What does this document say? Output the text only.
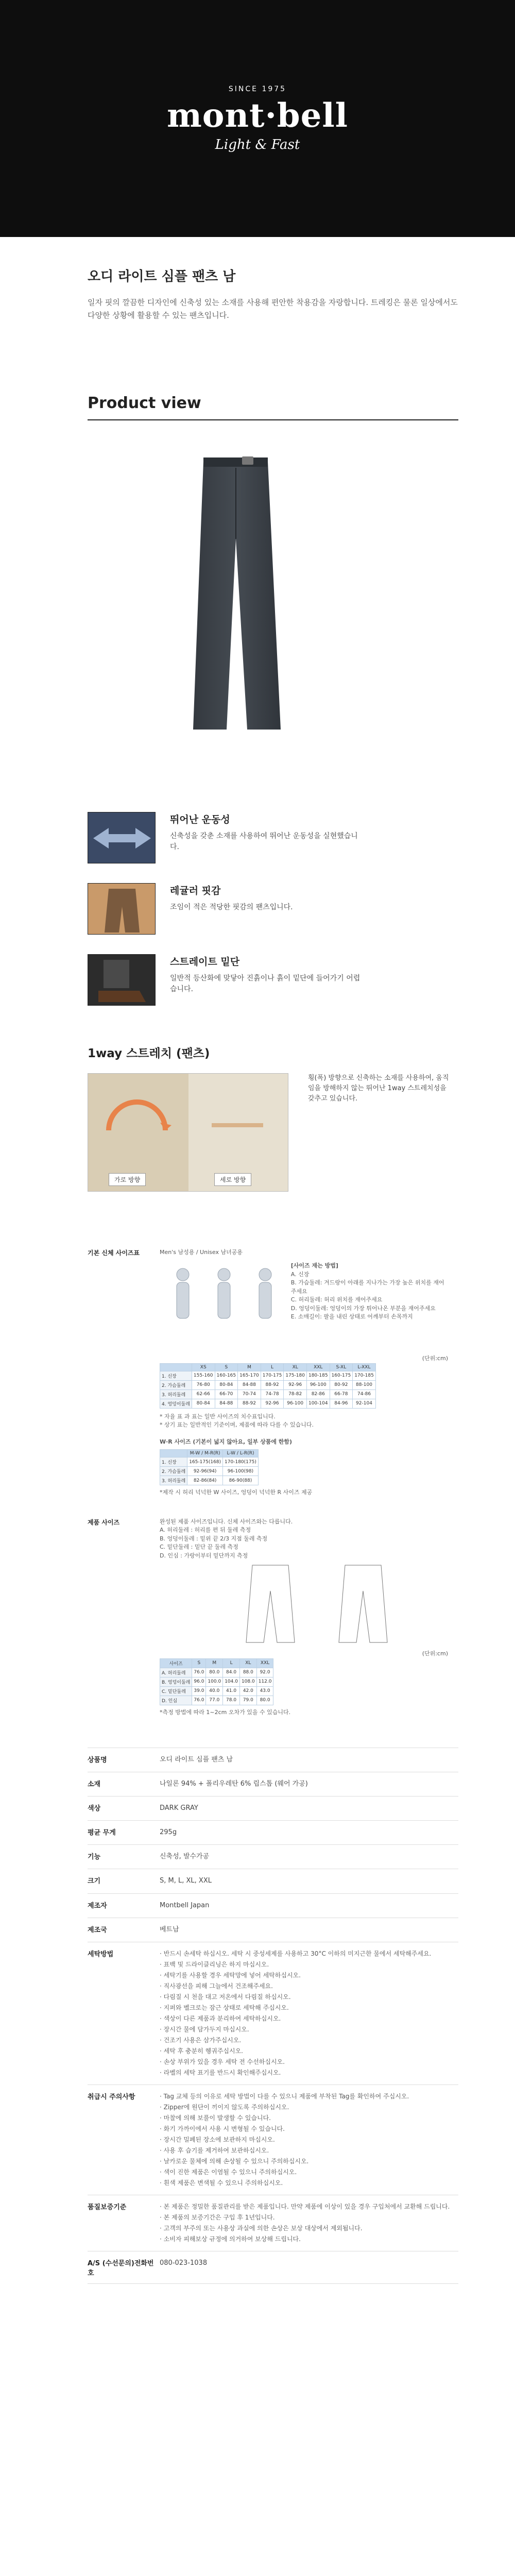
SINCE 1975
mont·bell
Light & Fast
오디 라이트 심플 팬츠 남
일자 핏의 깔끔한 디자인에 신축성 있는 소재를 사용해 편안한 착용감을 자랑합니다. 트레킹은 물론 일상에서도 다양한 상황에 활용할 수 있는 팬츠입니다.
Product view
뛰어난 운동성
신축성을 갖춘 소재를 사용하여 뛰어난 운동성을 실현했습니다.
레귤러 핏감
조임이 적은 적당한 핏감의 팬츠입니다.
스트레이트 밑단
일반적 등산화에 맞닿아 진흙이나 흙이 밑단에 들어가기 어렵습니다.
1way 스트레치 (팬츠)
가로 방향	세로 방향
횡(폭) 방향으로 신축하는 소재를 사용하여, 움직임을 방해하지 않는 뛰어난 1way 스트레치성을 갖추고 있습니다.
기본 신체 사이즈표	Men's 남성용 / Unisex 남녀공용
[사이즈 재는 방법]
A. 신장
B. 가슴둘레: 겨드랑이 아래를 지나가는 가장 높은 위치를 재어주세요
C. 허리둘레: 허리 위치를 재어주세요
D. 엉덩이둘레: 엉덩이의 가장 튀어나온 부분을 재어주세요
E. 소매길이: 팔을 내린 상태로 어깨부터 손목까지
(단위:cm)
	XS	S	M	L	XL	XXL	S-XL	L-XXL
1. 신장	155-160	160-165	165-170	170-175	175-180	180-185	160-175	170-185
2. 가슴둘레	76-80	80-84	84-88	88-92	92-96	96-100	80-92	88-100
3. 허리둘레	62-66	66-70	70-74	74-78	78-82	82-86	66-78	74-86
4. 엉덩이둘레	80-84	84-88	88-92	92-96	96-100	100-104	84-96	92-104
* 자율 표 과 표는 일반 사이즈의 치수표입니다.
* 상기 표는 일반적인 기준이며, 제품에 따라 다를 수 있습니다.
W·R 사이즈 (기본이 넓지 않아요, 일부 상품에 한함)
	M-W / M-R(R)	L-W / L-R(R)
1. 신장	165-175(168)	170-180(175)
2. 가슴둘레	92-96(94)	96-100(98)
3. 허리둘레	82-86(84)	86-90(88)
*제작 시 허리 넉넉한 W 사이즈, 엉덩이 넉넉한 R 사이즈 제공
제품 사이즈	완성된 제품 사이즈입니다. 신체 사이즈와는 다릅니다.
A. 허리둘레 : 허리를 편 뒤 둘레 측정
B. 엉덩이둘레 : 밑위 끝 2/3 지점 둘레 측정
C. 밑단둘레 : 밑단 끝 둘레 측정
D. 인심 : 가랑이부터 밑단까지 측정
(단위:cm)
사이즈	S	M	L	XL	XXL
A. 허리둘레	76.0	80.0	84.0	88.0	92.0
B. 엉덩이둘레	96.0	100.0	104.0	108.0	112.0
C. 밑단둘레	39.0	40.0	41.0	42.0	43.0
D. 인심	76.0	77.0	78.0	79.0	80.0
*측정 방법에 따라 1~2cm 오차가 있을 수 있습니다.
상품명	오디 라이트 심플 팬츠 남
소재	나일론 94% + 폴리우레탄 6% 립스톱 (웨어 가공)
색상	DARK GRAY
평균 무게	295g
기능	신축성, 발수가공
크기	S, M, L, XL, XXL
제조자	Montbell Japan
제조국	베트남
세탁방법	· 반드시 손세탁 하십시오. 세탁 시 중성세제를 사용하고 30°C 이하의 미지근한 물에서 세탁해주세요.
· 표백 및 드라이클리닝은 하지 마십시오.
· 세탁기를 사용할 경우 세탁망에 넣어 세탁하십시오.
· 직사광선을 피해 그늘에서 건조해주세요.
· 다림질 시 천을 대고 저온에서 다림질 하십시오.
· 지퍼와 벨크로는 잠근 상태로 세탁해 주십시오.
· 색상이 다른 제품과 분리하여 세탁하십시오.
· 장시간 물에 담가두지 마십시오.
· 건조기 사용은 삼가주십시오.
· 세탁 후 충분히 헹궈주십시오.
· 손상 부위가 있을 경우 세탁 전 수선하십시오.
· 라벨의 세탁 표기를 반드시 확인해주십시오.
취급시 주의사항	· Tag 교체 등의 이유로 세탁 방법이 다를 수 있으니 제품에 부착된 Tag를 확인하여 주십시오.
· Zipper에 원단이 끼이지 않도록 주의하십시오.
· 마찰에 의해 보풀이 발생할 수 있습니다.
· 화기 가까이에서 사용 시 변형될 수 있습니다.
· 장시간 밀폐된 장소에 보관하지 마십시오.
· 사용 후 습기를 제거하여 보관하십시오.
· 날카로운 물체에 의해 손상될 수 있으니 주의하십시오.
· 색이 진한 제품은 이염될 수 있으니 주의하십시오.
· 흰색 제품은 변색될 수 있으니 주의하십시오.
품질보증기준	· 본 제품은 정밀한 품질관리를 받은 제품입니다. 만약 제품에 이상이 있을 경우 구입처에서 교환해 드립니다.
· 본 제품의 보증기간은 구입 후 1년입니다.
· 고객의 부주의 또는 사용상 과실에 의한 손상은 보상 대상에서 제외됩니다.
· 소비자 피해보상 규정에 의거하여 보상해 드립니다.
A/S (수선문의)전화번호
080-023-1038
